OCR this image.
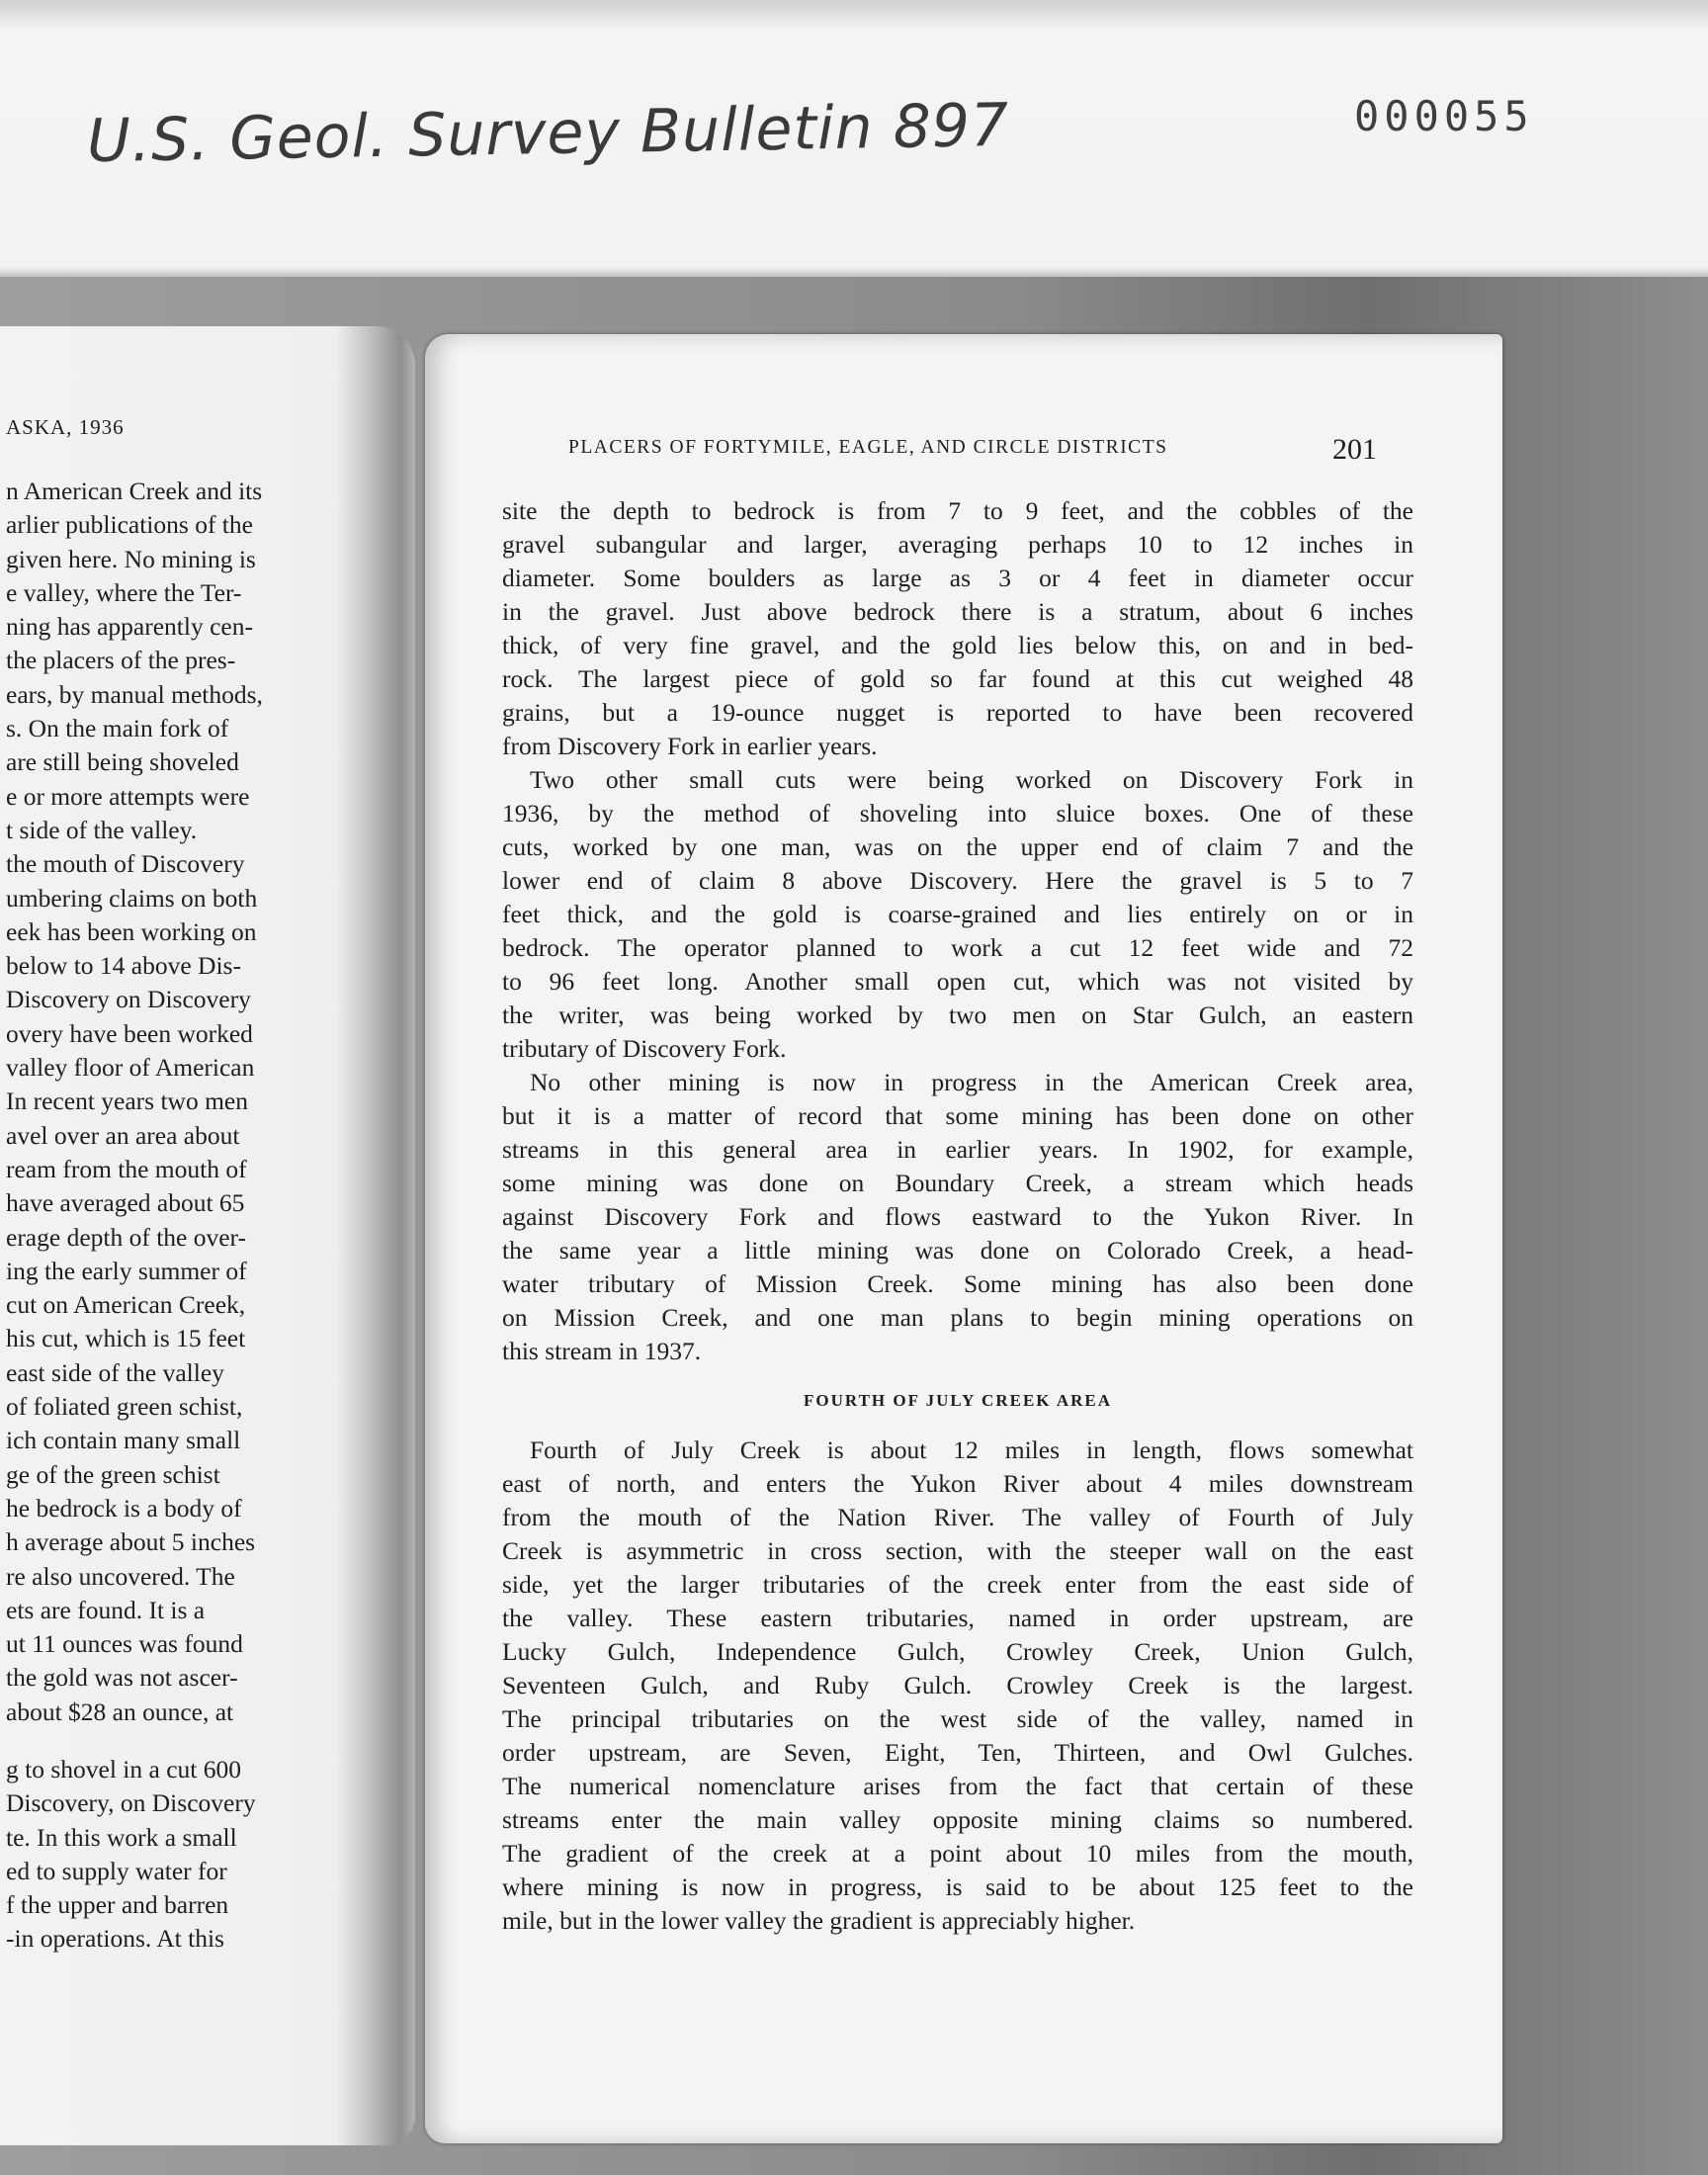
U.S. Geol. Survey Bulletin 897	000055
ASKA, 1936
n American Creek and its
arlier publications of the
given here. No mining is
e valley, where the Ter-
ning has apparently cen-
the placers of the pres-
ears, by manual methods,
s. On the main fork of
are still being shoveled
e or more attempts were
t side of the valley.
the mouth of Discovery
umbering claims on both
eek has been working on
below to 14 above Dis-
Discovery on Discovery
overy have been worked
valley floor of American
In recent years two men
avel over an area about
ream from the mouth of
have averaged about 65
erage depth of the over-
ing the early summer of
cut on American Creek,
his cut, which is 15 feet
east side of the valley
of foliated green schist,
ich contain many small
ge of the green schist
he bedrock is a body of
h average about 5 inches
re also uncovered. The
ets are found. It is a
ut 11 ounces was found
the gold was not ascer-
about $28 an ounce, at
g to shovel in a cut 600
Discovery, on Discovery
te. In this work a small
ed to supply water for
f the upper and barren
-in operations. At this
PLACERS OF FORTYMILE, EAGLE, AND CIRCLE DISTRICTS	201
site the depth to bedrock is from 7 to 9 feet, and the cobbles of the
gravel subangular and larger, averaging perhaps 10 to 12 inches in
diameter. Some boulders as large as 3 or 4 feet in diameter occur
in the gravel. Just above bedrock there is a stratum, about 6 inches
thick, of very fine gravel, and the gold lies below this, on and in bed-
rock. The largest piece of gold so far found at this cut weighed 48
grains, but a 19-ounce nugget is reported to have been recovered
from Discovery Fork in earlier years.
Two other small cuts were being worked on Discovery Fork in
1936, by the method of shoveling into sluice boxes. One of these
cuts, worked by one man, was on the upper end of claim 7 and the
lower end of claim 8 above Discovery. Here the gravel is 5 to 7
feet thick, and the gold is coarse-grained and lies entirely on or in
bedrock. The operator planned to work a cut 12 feet wide and 72
to 96 feet long. Another small open cut, which was not visited by
the writer, was being worked by two men on Star Gulch, an eastern
tributary of Discovery Fork.
No other mining is now in progress in the American Creek area,
but it is a matter of record that some mining has been done on other
streams in this general area in earlier years. In 1902, for example,
some mining was done on Boundary Creek, a stream which heads
against Discovery Fork and flows eastward to the Yukon River. In
the same year a little mining was done on Colorado Creek, a head-
water tributary of Mission Creek. Some mining has also been done
on Mission Creek, and one man plans to begin mining operations on
this stream in 1937.
FOURTH OF JULY CREEK AREA
Fourth of July Creek is about 12 miles in length, flows somewhat
east of north, and enters the Yukon River about 4 miles downstream
from the mouth of the Nation River. The valley of Fourth of July
Creek is asymmetric in cross section, with the steeper wall on the east
side, yet the larger tributaries of the creek enter from the east side of
the valley. These eastern tributaries, named in order upstream, are
Lucky Gulch, Independence Gulch, Crowley Creek, Union Gulch,
Seventeen Gulch, and Ruby Gulch. Crowley Creek is the largest.
The principal tributaries on the west side of the valley, named in
order upstream, are Seven, Eight, Ten, Thirteen, and Owl Gulches.
The numerical nomenclature arises from the fact that certain of these
streams enter the main valley opposite mining claims so numbered.
The gradient of the creek at a point about 10 miles from the mouth,
where mining is now in progress, is said to be about 125 feet to the
mile, but in the lower valley the gradient is appreciably higher.
